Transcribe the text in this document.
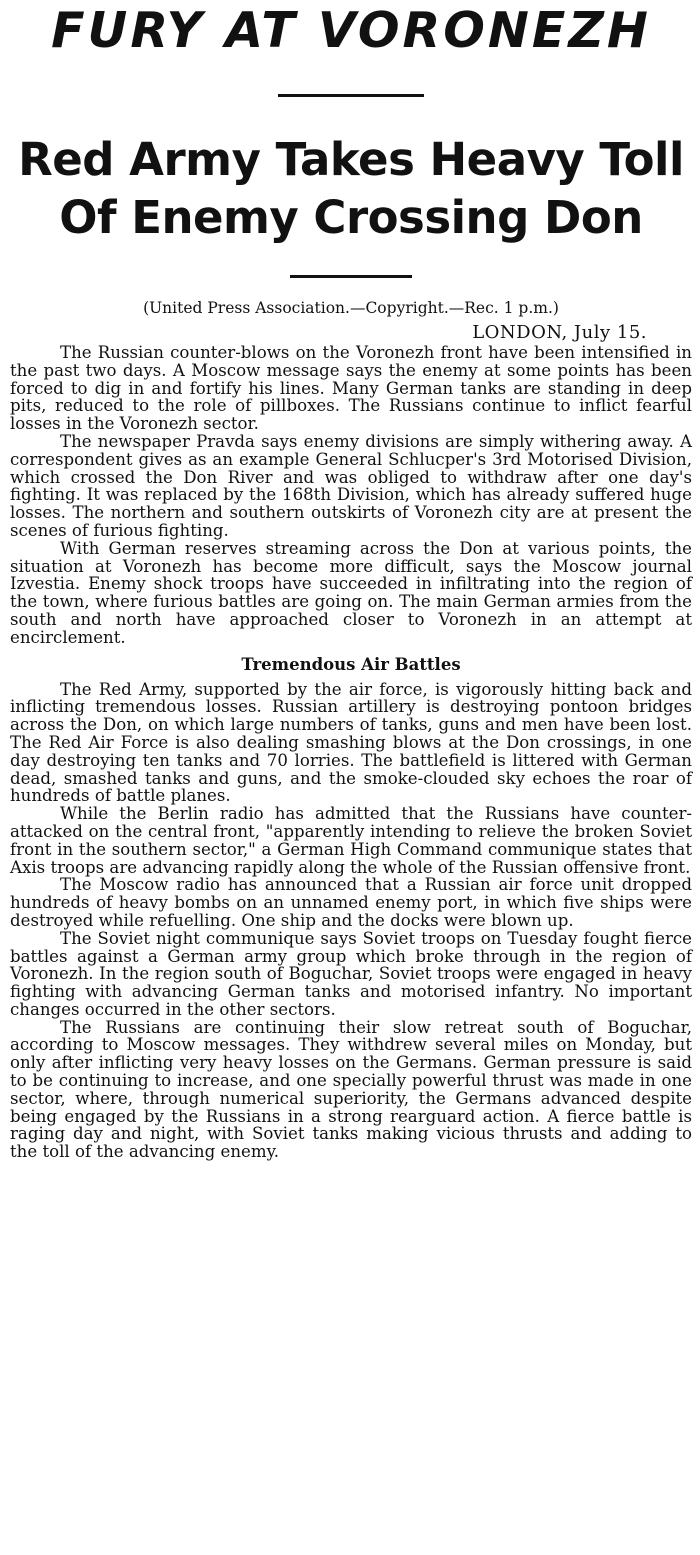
FURY AT VORONEZH
Red Army Takes Heavy Toll
Of Enemy Crossing Don

(United Press Association.—Copyright.—Rec. 1 p.m.)

LONDON, July 15.

The Russian counter-blows on the Voronezh front have been intensified in the past two days. A Moscow message says the enemy at some points has been forced to dig in and fortify his lines. Many German tanks are standing in deep pits, reduced to the role of pillboxes. The Russians continue to inflict fearful losses in the Voronezh sector.

The newspaper Pravda says enemy divisions are simply withering away. A correspondent gives as an example General Schlucper's 3rd Motorised Division, which crossed the Don River and was obliged to withdraw after one day's fighting. It was replaced by the 168th Division, which has already suffered huge losses. The northern and southern outskirts of Voronezh city are at present the scenes of furious fighting.

With German reserves streaming across the Don at various points, the situation at Voronezh has become more difficult, says the Moscow journal Izvestia. Enemy shock troops have succeeded in infiltrating into the region of the town, where furious battles are going on. The main German armies from the south and north have approached closer to Voronezh in an attempt at encirclement.

Tremendous Air Battles

The Red Army, supported by the air force, is vigorously hitting back and inflicting tremendous losses. Russian artillery is destroying pontoon bridges across the Don, on which large numbers of tanks, guns and men have been lost. The Red Air Force is also dealing smashing blows at the Don crossings, in one day destroying ten tanks and 70 lorries. The battlefield is littered with German dead, smashed tanks and guns, and the smoke-clouded sky echoes the roar of hundreds of battle planes.

While the Berlin radio has admitted that the Russians have counter-attacked on the central front, "apparently intending to relieve the broken Soviet front in the southern sector," a German High Command communique states that Axis troops are advancing rapidly along the whole of the Russian offensive front.

The Moscow radio has announced that a Russian air force unit dropped hundreds of heavy bombs on an unnamed enemy port, in which five ships were destroyed while refuelling. One ship and the docks were blown up.

The Soviet night communique says Soviet troops on Tuesday fought fierce battles against a German army group which broke through in the region of Voronezh. In the region south of Boguchar, Soviet troops were engaged in heavy fighting with advancing German tanks and motorised infantry. No important changes occurred in the other sectors.

The Russians are continuing their slow retreat south of Boguchar, according to Moscow messages. They withdrew several miles on Monday, but only after inflicting very heavy losses on the Germans. German pressure is said to be continuing to increase, and one specially powerful thrust was made in one sector, where, through numerical superiority, the Germans advanced despite being engaged by the Russians in a strong rearguard action. A fierce battle is raging day and night, with Soviet tanks making vicious thrusts and adding to the toll of the advancing enemy.
